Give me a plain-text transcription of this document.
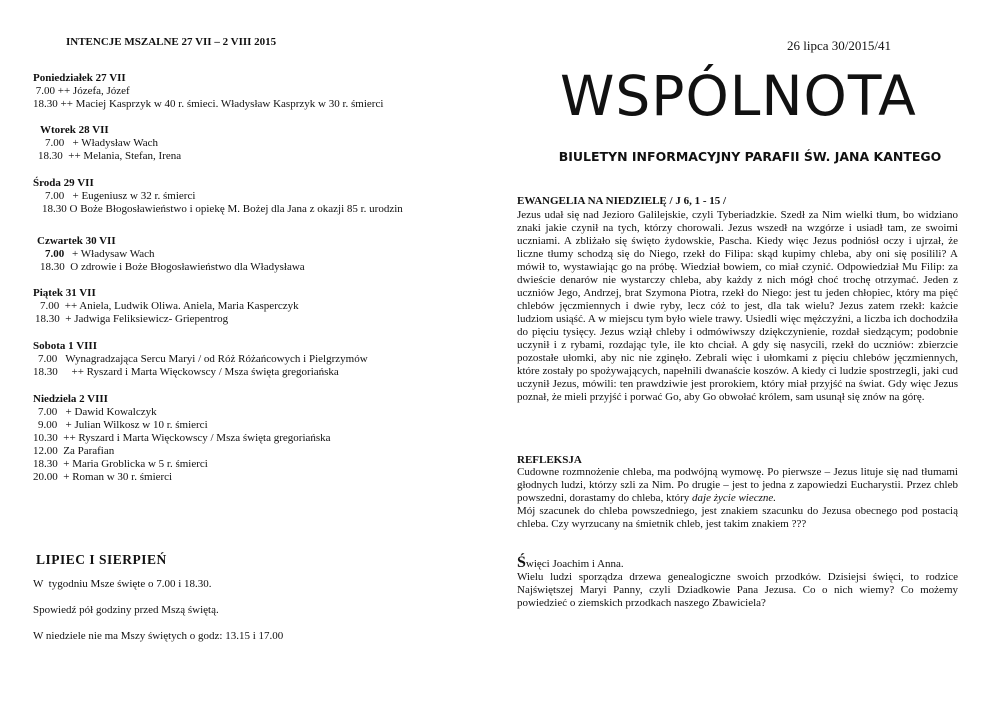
INTENCJE MSZALNE 27 VII – 2 VIII 2015
Poniedziałek 27 VII
7.00 ++ Józefa, Józef
18.30 ++ Maciej Kasprzyk w 40 r. śmieci. Władysław Kasprzyk w 30 r. śmierci
Wtorek 28 VII
7.00   + Władysław Wach
18.30  ++ Melania, Stefan, Irena
Środa 29 VII
7.00   + Eugeniusz w 32 r. śmierci
18.30 O Boże Błogosławieństwo i opiekę M. Bożej dla Jana z okazji 85 r. urodzin
Czwartek 30 VII
7.00 + Władysaw Wach
18.30  O zdrowie i Boże Błogosławieństwo dla Władysława
Piątek 31 VII
7.00  ++ Aniela, Ludwik Oliwa. Aniela, Maria Kasperczyk
18.30  + Jadwiga Feliksiewicz- Griepentrog
Sobota 1 VIII
7.00   Wynagradzająca Sercu Maryi / od Róż Różańcowych i Pielgrzymów
18.30     ++ Ryszard i Marta Więckowscy / Msza święta gregoriańska
Niedziela 2 VIII
7.00   + Dawid Kowalczyk
9.00   + Julian Wilkosz w 10 r. śmierci
10.30  ++ Ryszard i Marta Więckowscy / Msza święta gregoriańska
12.00  Za Parafian
18.30  + Maria Groblicka w 5 r. śmierci
20.00  + Roman w 30 r. śmierci
LIPIEC I SIERPIEŃ
W  tygodniu Msze święte o 7.00 i 18.30.
Spowiedź pół godziny przed Mszą świętą.
W niedziele nie ma Mszy świętych o godz: 13.15 i 17.00
26 lipca 30/2015/41
WSPÓLNOTA
BIULETYN INFORMACYJNY PARAFII ŚW. JANA KANTEGO
EWANGELIA NA NIEDZIELĘ / J 6, 1 - 15 /
Jezus udał się nad Jezioro Galilejskie, czyli Tyberiadzkie. Szedł za Nim wielki tłum, bo widziano znaki jakie czynił na tych, którzy chorowali. Jezus wszedł na wzgórze i usiadł tam, ze swoimi uczniami. A zbliżało się święto żydowskie, Pascha. Kiedy więc Jezus podniósł oczy i ujrzał, że liczne tłumy schodzą się do Niego, rzekł do Filipa: skąd kupimy chleba, aby oni się posilili? A mówił to, wystawiając go na próbę. Wiedział bowiem, co miał czynić. Odpowiedział Mu Filip: za dwieście denarów nie wystarczy chleba, aby każdy z nich mógł choć trochę otrzymać. Jeden z uczniów Jego, Andrzej, brat Szymona Piotra, rzekł do Niego: jest tu jeden chłopiec, który ma pięć chlebów jęczmiennych i dwie ryby, lecz cóż to jest, dla tak wielu? Jezus zatem rzekł: każcie ludziom usiąść. A w miejscu tym było wiele trawy. Usiedli więc mężczyźni, a liczba ich dochodziła do pięciu tysięcy. Jezus wziął chleby i odmówiwszy dziękczynienie, rozdał siedzącym; podobnie uczynił i z rybami, rozdając tyle, ile kto chciał. A gdy się nasycili, rzekł do uczniów: zbierzcie pozostałe ułomki, aby nic nie zginęło. Zebrali więc i ułomkami z pięciu chlebów jęczmiennych, które zostały po spożywających, napełnili dwanaście koszów. A kiedy ci ludzie spostrzegli, jaki cud uczynił Jezus, mówili: ten prawdziwie jest prorokiem, który miał przyjść na świat. Gdy więc Jezus poznał, że mieli przyjść i porwać Go, aby Go obwołać królem, sam usunął się znów na górę.
REFLEKSJA
Cudowne rozmnożenie chleba, ma podwójną wymowę. Po pierwsze – Jezus lituje się nad tłumami głodnych ludzi, którzy szli za Nim. Po drugie – jest to jedna z zapowiedzi Eucharystii. Przez chleb powszedni, dorastamy do chleba, który daje życie wieczne.
Mój szacunek do chleba powszedniego, jest znakiem szacunku do Jezusa obecnego pod postacią chleba. Czy wyrzucany na śmietnik chleb, jest takim znakiem ???
Święci Joachim i Anna.
Wielu ludzi sporządza drzewa genealogiczne swoich przodków. Dzisiejsi święci, to rodzice Najświętszej Maryi Panny, czyli Dziadkowie Pana Jezusa. Co o nich wiemy? Co możemy powiedzieć o ziemskich przodkach naszego Zbawiciela?
